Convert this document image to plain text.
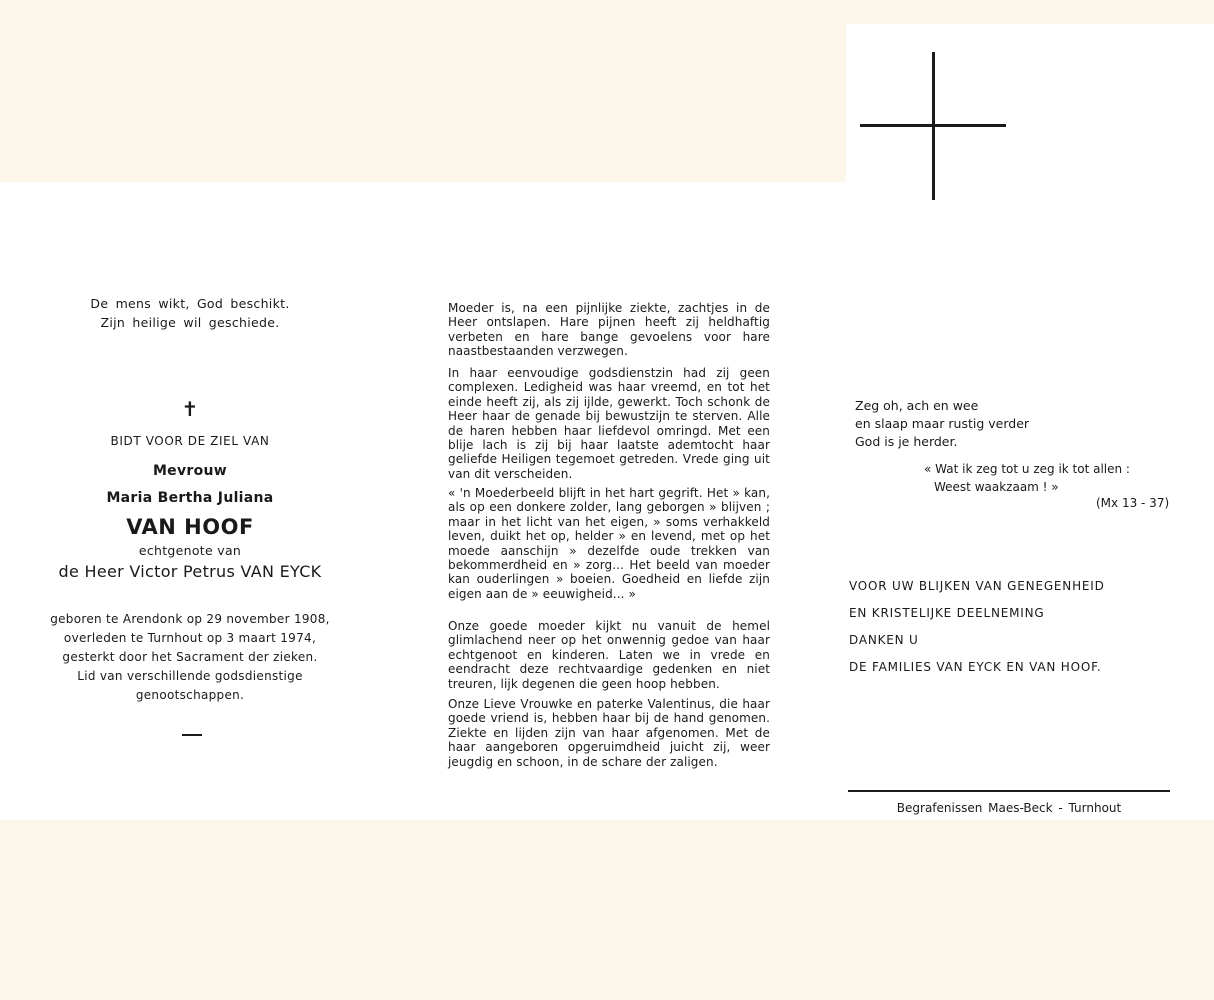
De mens wikt, God beschikt.
Zijn heilige wil geschiede.
✝
BIDT VOOR DE ZIEL VAN
Mevrouw
Maria Bertha Juliana
VAN HOOF
echtgenote van
de Heer Victor Petrus VAN EYCK
geboren te Arendonk op 29 november 1908,
overleden te Turnhout op 3 maart 1974,
gesterkt door het Sacrament der zieken.
Lid van verschillende godsdienstige
genootschappen.
Moeder is, na een pijnlijke ziekte, zachtjes in de Heer ontslapen. Hare pijnen heeft zij heldhaftig verbeten en hare bange gevoelens voor hare naastbestaanden verzwegen.
In haar eenvoudige godsdienstzin had zij geen complexen. Ledigheid was haar vreemd, en tot het einde heeft zij, als zij ijlde, gewerkt. Toch schonk de Heer haar de genade bij bewustzijn te sterven. Alle de haren hebben haar liefdevol omringd. Met een blije lach is zij bij haar laatste ademtocht haar geliefde Heiligen tegemoet getreden. Vrede ging uit van dit verscheiden.
« 'n Moederbeeld blijft in het hart gegrift. Het » kan, als op een donkere zolder, lang geborgen » blijven ; maar in het licht van het eigen, » soms verhakkeld leven, duikt het op, helder » en levend, met op het moede aanschijn » dezelfde oude trekken van bekommerdheid en » zorg... Het beeld van moeder kan ouderlingen » boeien. Goedheid en liefde zijn eigen aan de » eeuwigheid... »
Onze goede moeder kijkt nu vanuit de hemel glimlachend neer op het onwennig gedoe van haar echtgenoot en kinderen. Laten we in vrede en eendracht deze rechtvaardige gedenken en niet treuren, lijk degenen die geen hoop hebben.
Onze Lieve Vrouwke en paterke Valentinus, die haar goede vriend is, hebben haar bij de hand genomen. Ziekte en lijden zijn van haar afgenomen. Met de haar aangeboren opgeruimdheid juicht zij, weer jeugdig en schoon, in de schare der zaligen.
Zeg oh, ach en wee
en slaap maar rustig verder
God is je herder.
« Wat ik zeg tot u zeg ik tot allen :
Weest waakzaam ! »
(Mx 13 - 37)
VOOR UW BLIJKEN VAN GENEGENHEID
EN KRISTELIJKE DEELNEMING
DANKEN U
DE FAMILIES VAN EYCK EN VAN HOOF.
Begrafenissen Maes-Beck - Turnhout
